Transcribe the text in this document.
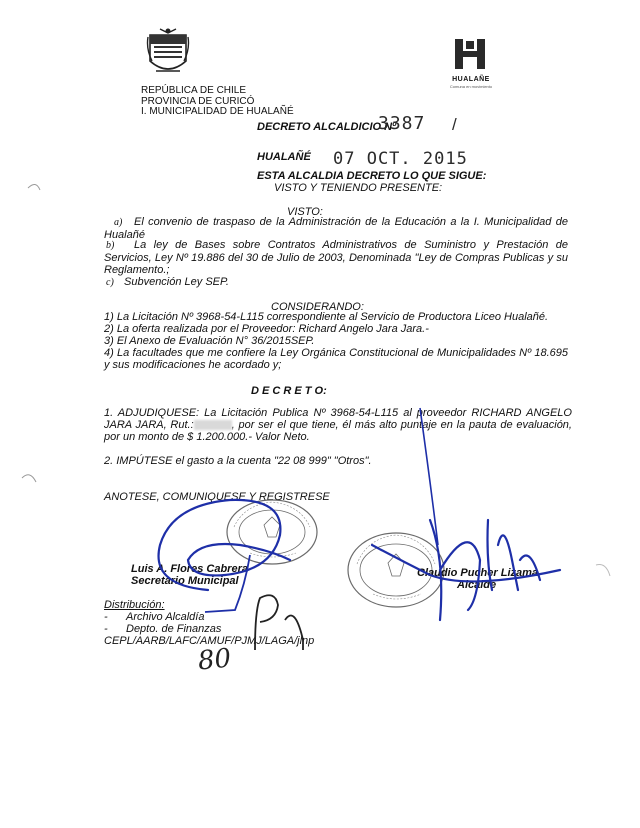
REPÚBLICA DE CHILE
PROVINCIA DE CURICÓ
I. MUNICIPALIDAD DE HUALAÑÉ
HUALAÑE
Comuna en movimiento
DECRETO ALCALDICIO Nº
3387 /
HUALAÑÉ 07 OCT. 2015
ESTA ALCALDIA DECRETO LO QUE SIGUE:
VISTO Y TENIENDO PRESENTE:
VISTO:
a) El convenio de traspaso de la Administración de la Educación a la I. Municipalidad de Hualañé
b) La ley de Bases sobre Contratos Administrativos de Suministro y Prestación de Servicios, Ley Nº 19.886 del 30 de Julio de 2003, Denominada "Ley de Compras Publicas y su Reglamento.;
c) Subvención Ley SEP.
CONSIDERANDO:
1) La Licitación Nº 3968-54-L115 correspondiente al Servicio de Productora Liceo Hualañé.
2) La oferta realizada por el Proveedor: Richard Angelo Jara Jara.-
3) El Anexo de Evaluación N° 36/2015SEP.
4) La facultades que me confiere la Ley Orgánica Constitucional de Municipalidades Nº 18.695 y sus modificaciones he acordado y;
D E C R E T O:
1. ADJUDIQUESE: La Licitación Publica Nº 3968-54-L115 al proveedor RICHARD ANGELO JARA JARA, Rut.:	, por ser el que tiene, él más alto puntaje en la pauta de evaluación, por un monto de $ 1.200.000.- Valor Neto.
2. IMPÚTESE el gasto a la cuenta "22 08 999" "Otros".
ANOTESE, COMUNIQUESE Y REGISTRESE
Luis A. Flores Cabrera
Secretario Municipal
Claudio Pucher Lizama
Alcalde
Distribución:
- Archivo Alcaldía
- Depto. de Finanzas
CEPL/AARB/LAFC/AMUF/PJMJ/LAGA/jlnp
80
